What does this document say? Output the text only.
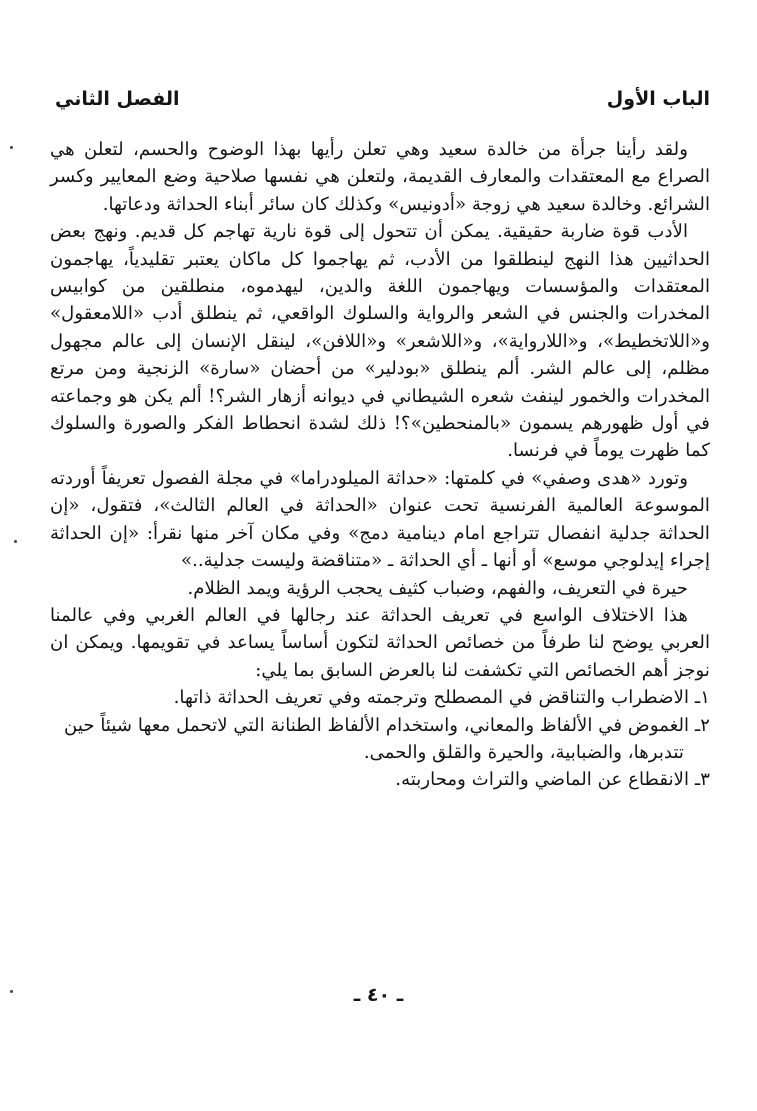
الباب الأول
الفصل الثاني

ولقد رأينا جرأة من خالدة سعيد وهي تعلن رأيها بهذا الوضوح والحسم، لتعلن هي الصراع مع المعتقدات والمعارف القديمة، ولتعلن هي نفسها صلاحية وضع المعايير وكسر الشرائع. وخالدة سعيد هي زوجة «أدونيس» وكذلك كان سائر أبناء الحداثة ودعاتها.

الأدب قوة ضاربة حقيقية. يمكن أن تتحول إلى قوة نارية تهاجم كل قديم. ونهج بعض الحداثيين هذا النهج لينطلقوا من الأدب، ثم يهاجموا كل ماكان يعتبر تقليدياً، يهاجمون المعتقدات والمؤسسات ويهاجمون اللغة والدين، ليهدموه، منطلقين من كوابيس المخدرات والجنس في الشعر والرواية والسلوك الواقعي، ثم ينطلق أدب «اللامعقول» و«اللاتخطيط»، و«اللارواية»، و«اللاشعر» و«اللافن»، لينقل الإنسان إلى عالم مجهول مظلم، إلى عالم الشر. ألم ينطلق «بودلير» من أحضان «سارة» الزنجية ومن مرتع المخدرات والخمور لينفث شعره الشيطاني في ديوانه أزهار الشر؟! ألم يكن هو وجماعته في أول ظهورهم يسمون «بالمنحطين»؟! ذلك لشدة انحطاط الفكر والصورة والسلوك كما ظهرت يوماً في فرنسا.

وتورد «هدى وصفي» في كلمتها: «حداثة الميلودراما» في مجلة الفصول تعريفاً أوردته الموسوعة العالمية الفرنسية تحت عنوان «الحداثة في العالم الثالث»، فتقول، «إن الحداثة جدلية انفصال تتراجع امام دينامية دمج» وفي مكان آخر منها نقرأ: «إن الحداثة إجراء إيدلوجي موسع» أو أنها ـ أي الحداثة ـ «متناقضة وليست جدلية..»

حيرة في التعريف، والفهم، وضباب كثيف يحجب الرؤية ويمد الظلام.

هذا الاختلاف الواسع في تعريف الحداثة عند رجالها في العالم الغربي وفي عالمنا العربي يوضح لنا طرفاً من خصائص الحداثة لتكون أساساً يساعد في تقويمها. ويمكن ان نوجز أهم الخصائص التي تكشفت لنا بالعرض السابق بما يلي:

١ـ الاضطراب والتناقض في المصطلح وترجمته وفي تعريف الحداثة ذاتها.

٢ـ الغموض في الألفاظ والمعاني، واستخدام الألفاظ الطنانة التي لاتحمل معها شيئاً حين

تتدبرها، والضبابية، والحيرة والقلق والحمى.

٣ـ الانقطاع عن الماضي والتراث ومحاربته.

ـ ٤٠ ـ
